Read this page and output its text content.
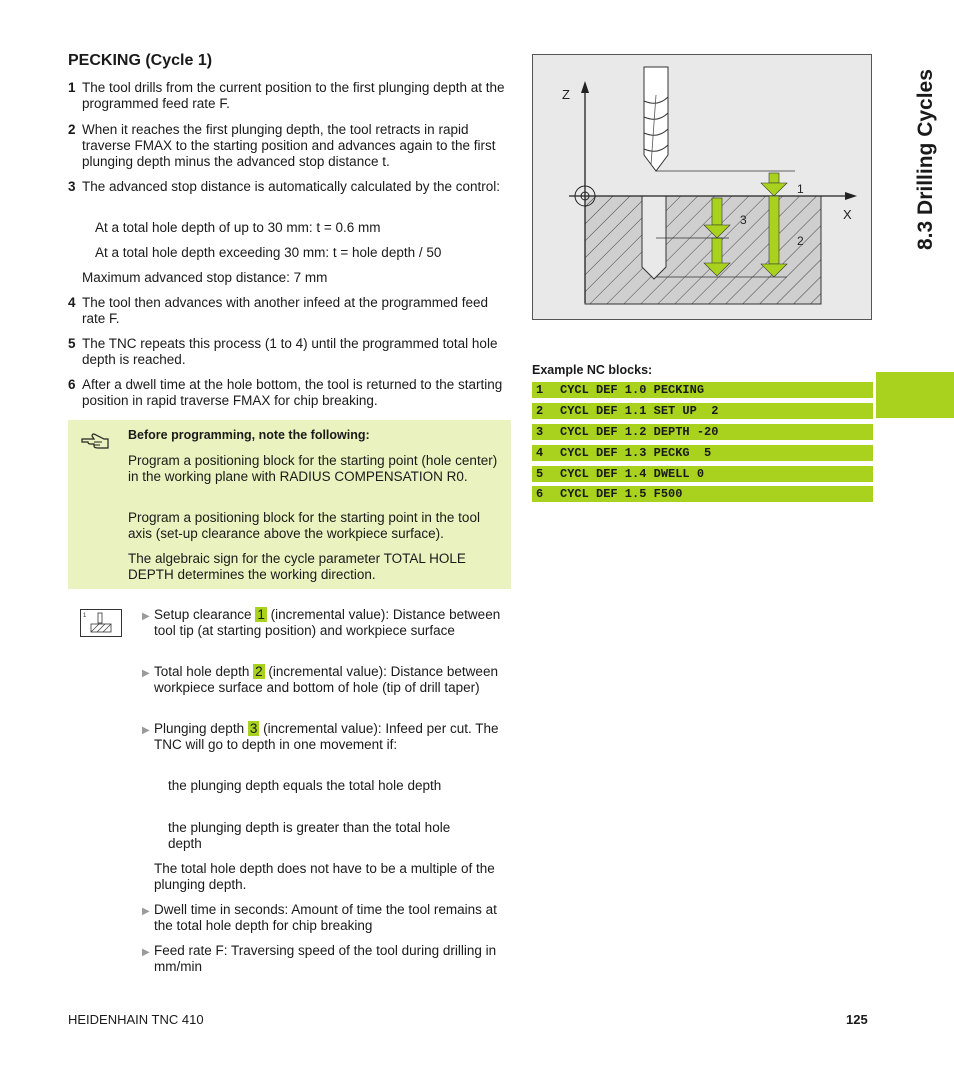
PECKING (Cycle 1)
1 The tool drills from the current position to the first plunging depth at the programmed feed rate F.
2 When it reaches the first plunging depth, the tool retracts in rapid traverse FMAX to the starting position and advances again to the first plunging depth minus the advanced stop distance t.
3 The advanced stop distance is automatically calculated by the control:
At a total hole depth of up to 30 mm: t = 0.6 mm
At a total hole depth exceeding 30 mm: t = hole depth / 50
Maximum advanced stop distance: 7 mm
4 The tool then advances with another infeed at the programmed feed rate F.
5 The TNC repeats this process (1 to 4) until the programmed total hole depth is reached.
6 After a dwell time at the hole bottom, the tool is returned to the starting position in rapid traverse FMAX for chip breaking.
Before programming, note the following:
Program a positioning block for the starting point (hole center) in the working plane with RADIUS COMPENSATION R0.
Program a positioning block for the starting point in the tool axis (set-up clearance above the workpiece surface).
The algebraic sign for the cycle parameter TOTAL HOLE DEPTH determines the working direction.
1	▶ Setup clearance 1 (incremental value): Distance between tool tip (at starting position) and workpiece surface
▶ Total hole depth 2 (incremental value): Distance between workpiece surface and bottom of hole (tip of drill taper)
▶ Plunging depth 3 (incremental value): Infeed per cut. The TNC will go to depth in one movement if:
the plunging depth equals the total hole depth
the plunging depth is greater than the total hole depth
The total hole depth does not have to be a multiple of the plunging depth.
▶ Dwell time in seconds: Amount of time the tool remains at the total hole depth for chip breaking
▶ Feed rate F: Traversing speed of the tool during drilling in mm/min
Z
X
1
2
3
Example NC blocks:
1 CYCL DEF 1.0 PECKING
2 CYCL DEF 1.1 SET UP  2
3 CYCL DEF 1.2 DEPTH -20
4 CYCL DEF 1.3 PECKG  5
5 CYCL DEF 1.4 DWELL 0
6 CYCL DEF 1.5 F500
8.3 Drilling Cycles
HEIDENHAIN TNC 410	125
